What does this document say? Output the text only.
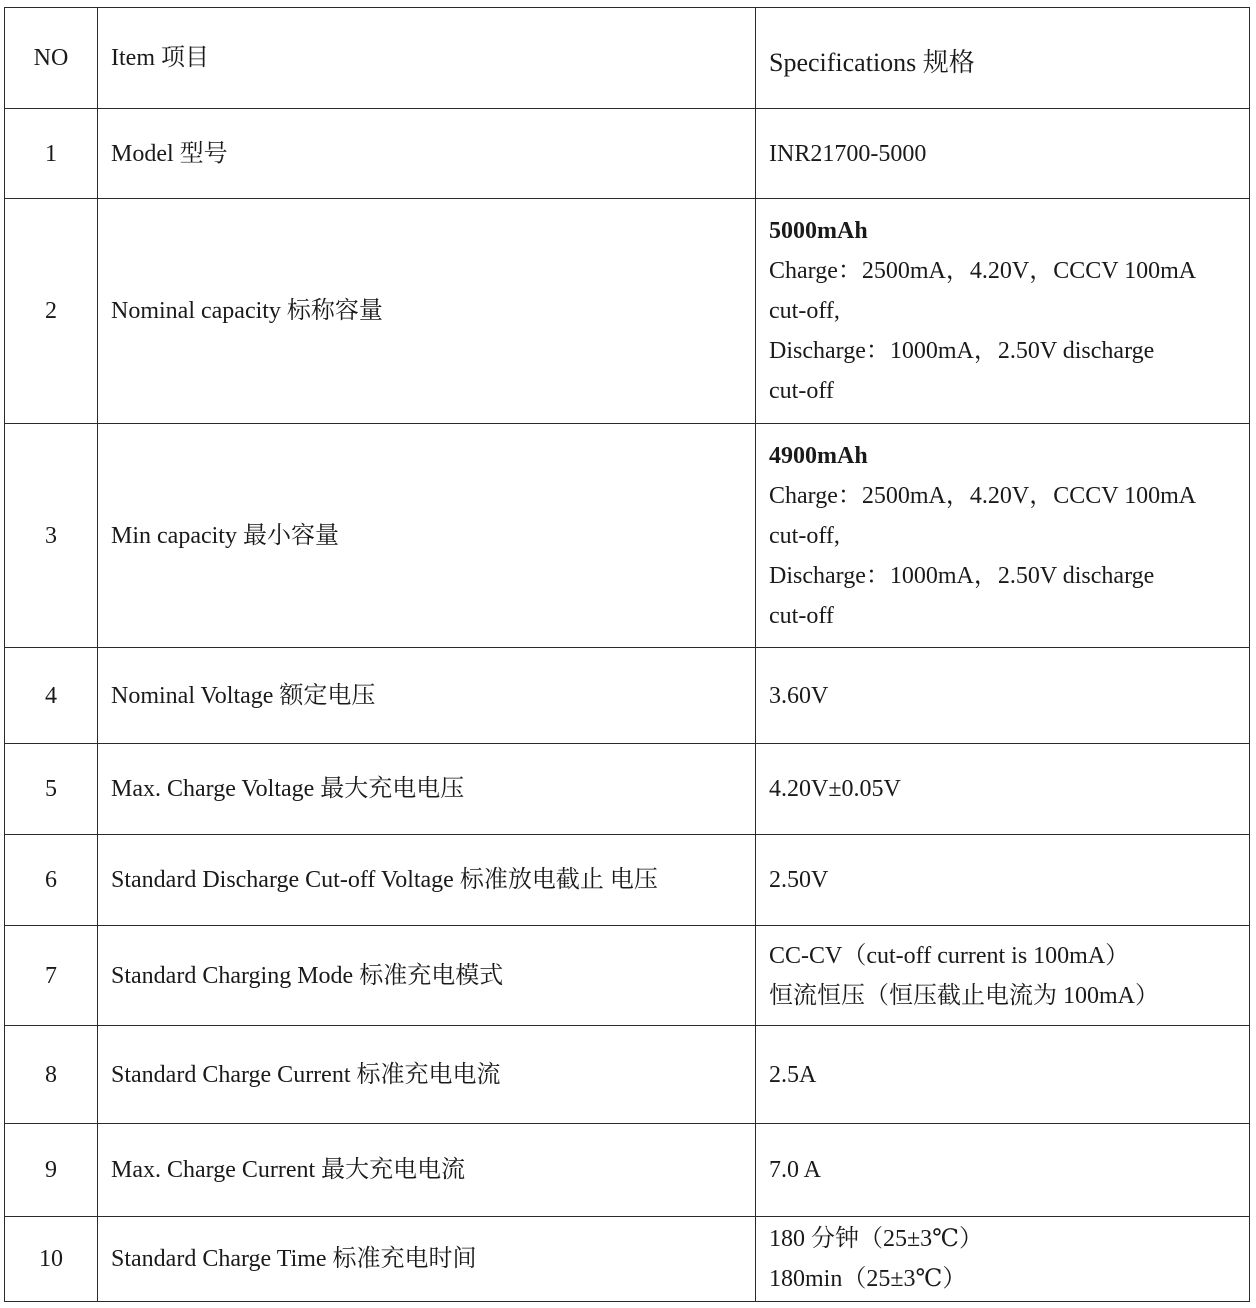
NO	Item 项目	Specifications 规格
1	Model 型号	INR21700-5000

2	Nominal capacity 标称容量	5000mAh
Charge：2500mA，4.20V，CCCV 100mA
cut-off,
Discharge：1000mA，2.50V discharge
cut-off

3	Min capacity 最小容量	4900mAh
Charge：2500mA，4.20V，CCCV 100mA
cut-off,
Discharge：1000mA，2.50V discharge
cut-off

4	Nominal Voltage 额定电压	3.60V

5	Max. Charge Voltage 最大充电电压	4.20V±0.05V

6	Standard Discharge Cut-off Voltage 标准放电截止 电压	2.50V

7	Standard Charging Mode 标准充电模式	CC-CV（cut-off current is 100mA）
恒流恒压（恒压截止电流为 100mA）

8	Standard Charge Current 标准充电电流	2.5A

9	Max. Charge Current 最大充电电流	7.0 A

10	Standard Charge Time 标准充电时间	180 分钟（25±3℃）
180min（25±3℃）
